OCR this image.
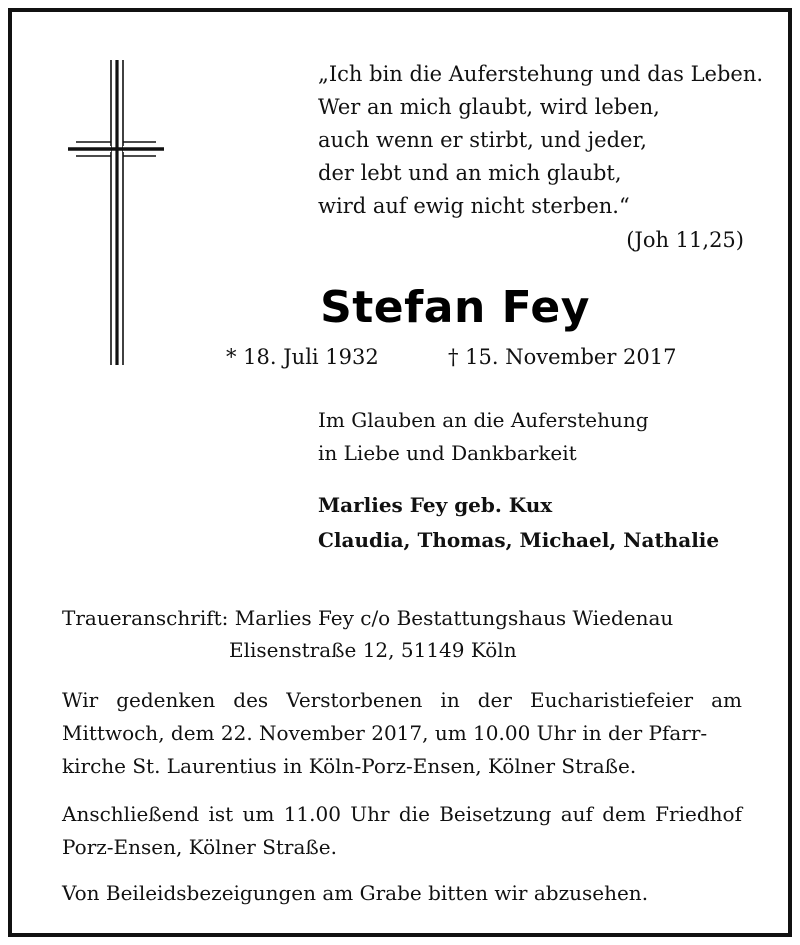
„Ich bin die Auferstehung und das Leben.
Wer an mich glaubt, wird leben,
auch wenn er stirbt, und jeder,
der lebt und an mich glaubt,
wird auf ewig nicht sterben.“
(Joh 11,25)
Stefan Fey
* 18. Juli 1932	† 15. November 2017
Im Glauben an die Auferstehung
in Liebe und Dankbarkeit
Marlies Fey geb. Kux
Claudia, Thomas, Michael, Nathalie
Traueranschrift: Marlies Fey c/o Bestattungshaus Wiedenau
Elisenstraße 12, 51149 Köln
Wir gedenken des Verstorbenen in der Eucharistiefeier am
Mittwoch, dem 22. November 2017, um 10.00 Uhr in der Pfarr-
kirche St. Laurentius in Köln-Porz-Ensen, Kölner Straße.
Anschließend ist um 11.00 Uhr die Beisetzung auf dem Friedhof
Porz-Ensen, Kölner Straße.
Von Beileidsbezeigungen am Grabe bitten wir abzusehen.
